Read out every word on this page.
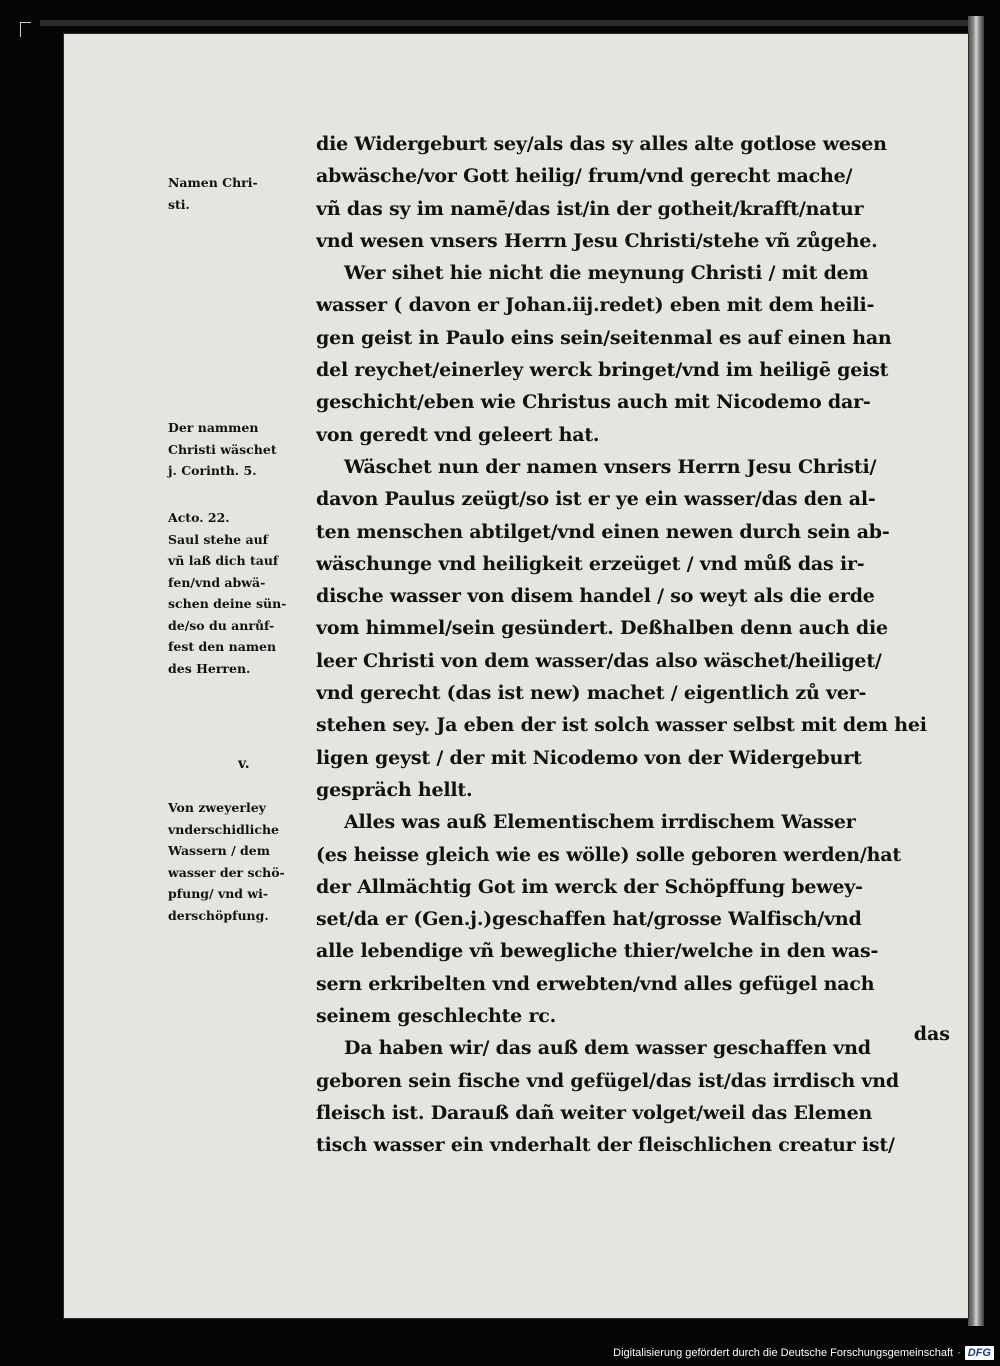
die Widergeburt sey/als das sy alles alte gotlose wesen
abwäsche/vor Gott heilig/ frum/vnd gerecht mache/
vñ das sy im namē/das ist/in der gotheit/krafft/natur
vnd wesen vnsers Herrn Jesu Christi/stehe vñ zůgehe.
Wer sihet hie nicht die meynung Christi / mit dem
wasser ( davon er Johan.iij.redet) eben mit dem heili-
gen geist in Paulo eins sein/seitenmal es auf einen han
del reychet/einerley werck bringet/vnd im heiligē geist
geschicht/eben wie Christus auch mit Nicodemo dar-
von geredt vnd geleert hat.
Wäschet nun der namen vnsers Herrn Jesu Christi/
davon Paulus zeügt/so ist er ye ein wasser/das den al-
ten menschen abtilget/vnd einen newen durch sein ab-
wäschunge vnd heiligkeit erzeüget / vnd můß das ir-
dische wasser von disem handel / so weyt als die erde
vom himmel/sein gesündert. Deßhalben denn auch die
leer Christi von dem wasser/das also wäschet/heiliget/
vnd gerecht (das ist new) machet / eigentlich zů ver-
stehen sey. Ja eben der ist solch wasser selbst mit dem hei
ligen geyst / der mit Nicodemo von der Widergeburt
gespräch hellt.
Alles was auß Elementischem irrdischem Wasser
(es heisse gleich wie es wölle) solle geboren werden/hat
der Allmächtig Got im werck der Schöpffung bewey-
set/da er (Gen.j.)geschaffen hat/grosse Walfisch/vnd
alle lebendige vñ bewegliche thier/welche in den was-
sern erkribelten vnd erwebten/vnd alles gefügel nach
seinem geschlechte rc.
Da haben wir/ das auß dem wasser geschaffen vnd
geboren sein fische vnd gefügel/das ist/das irrdisch vnd
fleisch ist. Darauß dañ weiter volget/weil das Elemen
tisch wasser ein vnderhalt der fleischlichen creatur ist/
das
Namen Chri-
sti.
Der nammen
Christi wäschet
j. Corinth. 5.
Acto. 22.
Saul stehe auf
vñ laß dich tauf
fen/vnd abwä-
schen deine sün-
de/so du anrůf-
fest den namen
des Herren.
v.
Von zweyerley
vnderschidliche
Wassern / dem
wasser der schö-
pfung/ vnd wi-
derschöpfung.
Digitalisierung gefördert durch die Deutsche Forschungsgemeinschaft · DFG
